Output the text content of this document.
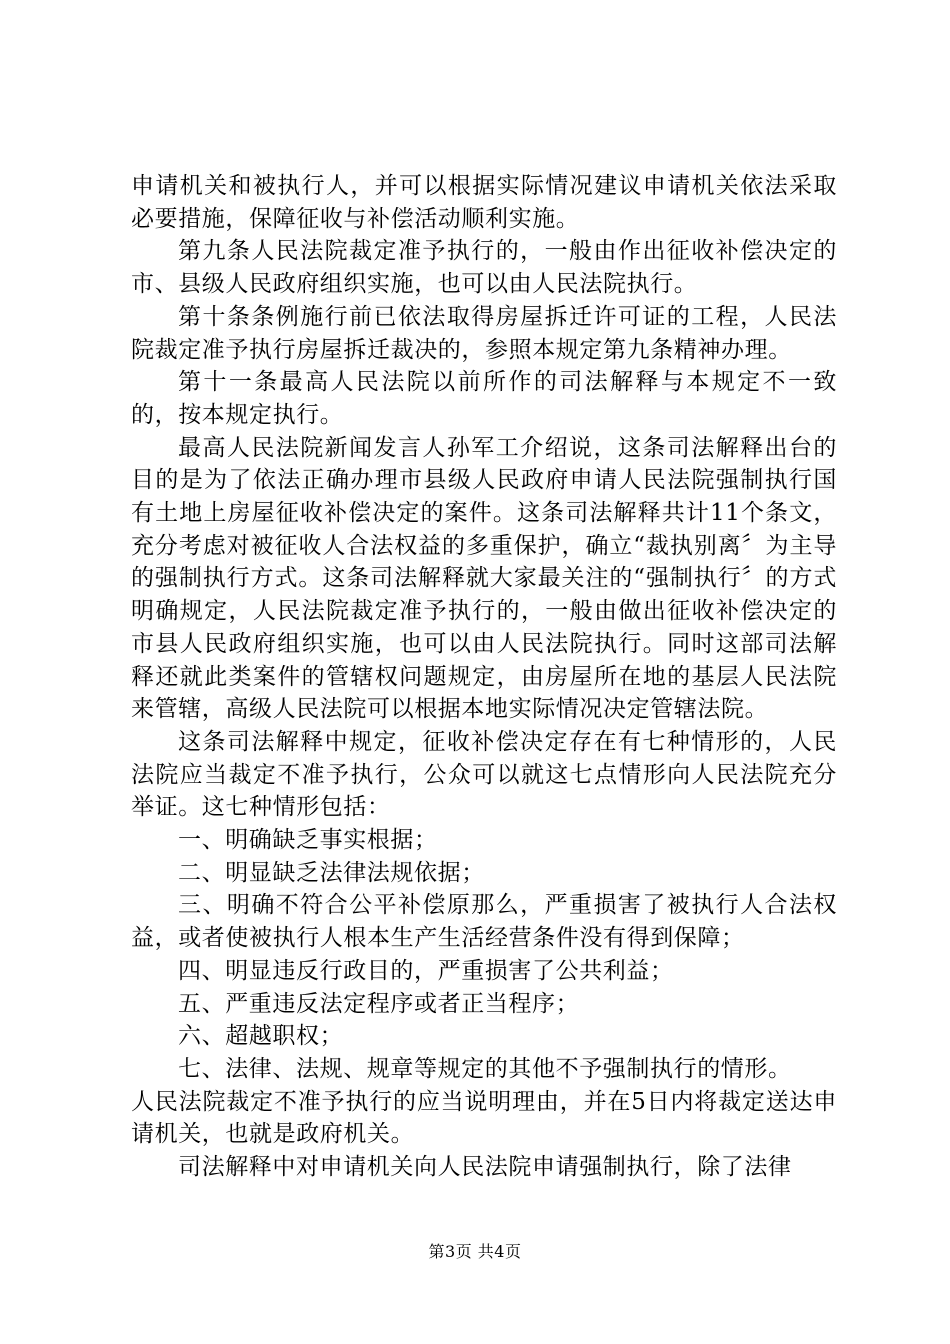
申请机关和被执行人，并可以根据实际情况建议申请机关依法采取必要措施，保障征收与补偿活动顺利实施。

第九条人民法院裁定准予执行的，一般由作出征收补偿决定的市、县级人民政府组织实施，也可以由人民法院执行。

第十条条例施行前已依法取得房屋拆迁许可证的工程，人民法院裁定准予执行房屋拆迁裁决的，参照本规定第九条精神办理。

第十一条最高人民法院以前所作的司法解释与本规定不一致的，按本规定执行。

最高人民法院新闻发言人孙军工介绍说，这条司法解释出台的目的是为了依法正确办理市县级人民政府申请人民法院强制执行国有土地上房屋征收补偿决定的案件。这条司法解释共计11个条文，充分考虑对被征收人合法权益的多重保护，确立“裁执别离〞为主导的强制执行方式。这条司法解释就大家最关注的“强制执行〞的方式明确规定，人民法院裁定准予执行的，一般由做出征收补偿决定的市县人民政府组织实施，也可以由人民法院执行。同时这部司法解释还就此类案件的管辖权问题规定，由房屋所在地的基层人民法院来管辖，高级人民法院可以根据本地实际情况决定管辖法院。

这条司法解释中规定，征收补偿决定存在有七种情形的，人民法院应当裁定不准予执行，公众可以就这七点情形向人民法院充分举证。这七种情形包括：

一、明确缺乏事实根据；

二、明显缺乏法律法规依据；

三、明确不符合公平补偿原那么，严重损害了被执行人合法权益，或者使被执行人根本生产生活经营条件没有得到保障；

四、明显违反行政目的，严重损害了公共利益；

五、严重违反法定程序或者正当程序；

六、超越职权；

七、法律、法规、规章等规定的其他不予强制执行的情形。

人民法院裁定不准予执行的应当说明理由，并在5日内将裁定送达申请机关，也就是政府机关。

司法解释中对申请机关向人民法院申请强制执行，除了法律

第3页 共4页
